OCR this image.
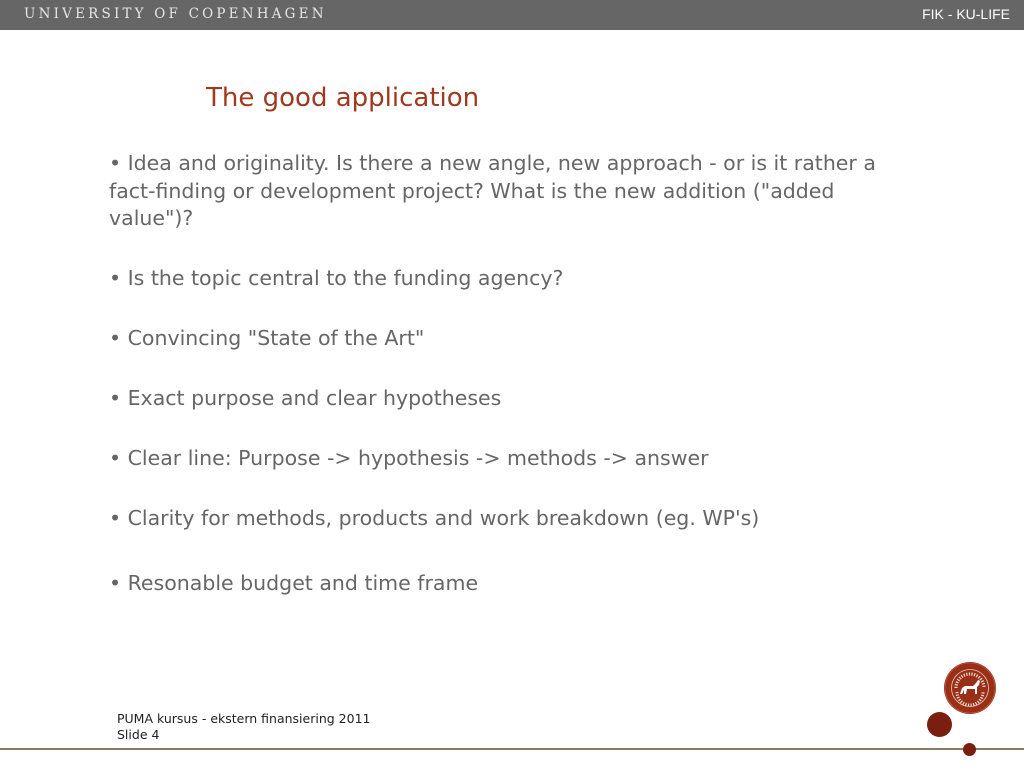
UNIVERSITY OF COPENHAGEN	FIK - KU-LIFE
The good application
• Idea and originality. Is there a new angle, new approach - or is it rather a fact-finding or development project? What is the new addition ("added value")?
• Is the topic central to the funding agency?
• Convincing "State of the Art"
• Exact purpose and clear hypotheses
• Clear line: Purpose -> hypothesis -> methods -> answer
• Clarity for methods, products and work breakdown (eg. WP's)
• Resonable budget and time frame
PUMA kursus - ekstern finansiering 2011
Slide 4
